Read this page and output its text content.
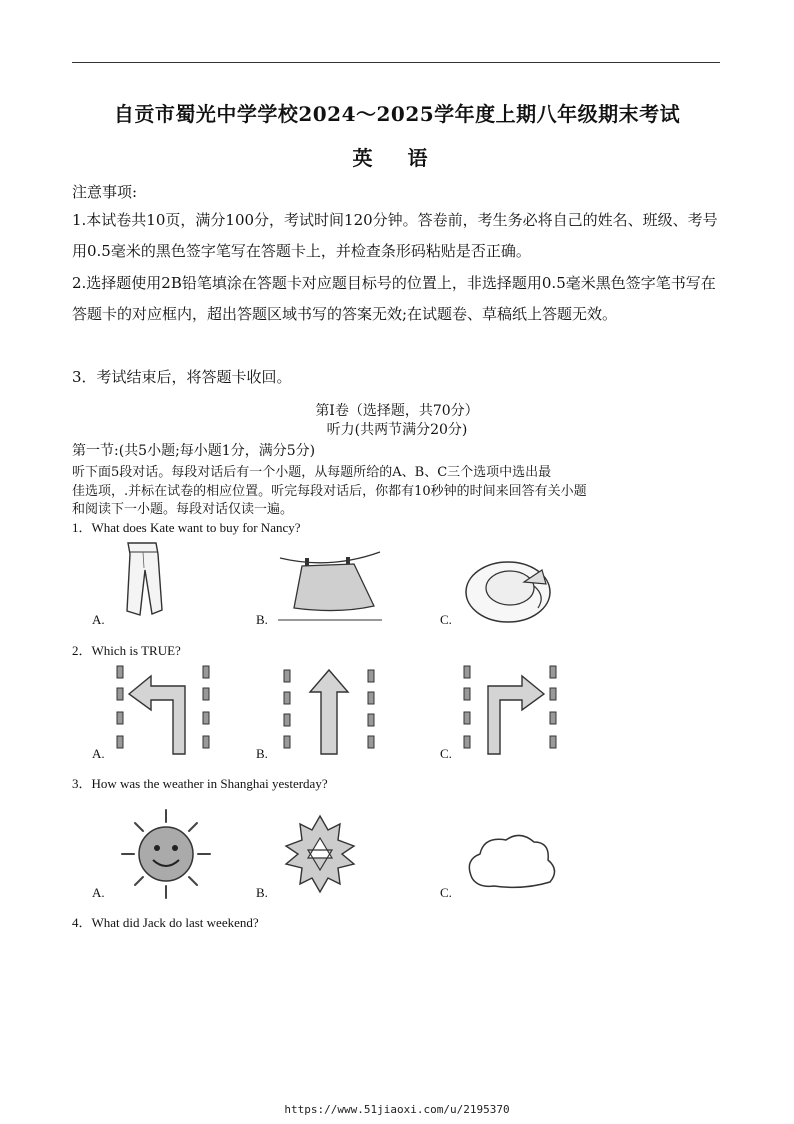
自贡市蜀光中学学校2024～2025学年度上期八年级期末考试
英 语
注意事项:
1.本试卷共10页，满分100分，考试时间120分钟。答卷前，考生务必将自己的姓名、班级、考号用0.5毫米的黑色签字笔写在答题卡上，并检查条形码粘贴是否正确。
2.选择题使用2B铅笔填涂在答题卡对应题目标号的位置上，非选择题用0.5毫米黑色签字笔书写在答题卡的对应框内，超出答题区域书写的答案无效;在试题卷、草稿纸上答题无效。
3．考试结束后，将答题卡收回。
第Ⅰ卷（选择题，共70分）
听力(共两节满分20分)
第一节:(共5小题;每小题1分，满分5分)
听下面5段对话。每段对话后有一个小题，从每题所给的A、B、C三个选项中选出最
佳选项，.并标在试卷的相应位置。听完每段对话后，你都有10秒钟的时间来回答有关小题
和阅读下一小题。每段对话仅读一遍。
1．What does Kate want to buy for Nancy?
A.	B.	C.
2．Which is TRUE?
A.	B.	C.
3．How was the weather in Shanghai yesterday?
A.	B.	C.
4．What did Jack do last weekend?
https://www.51jiaoxi.com/u/2195370
